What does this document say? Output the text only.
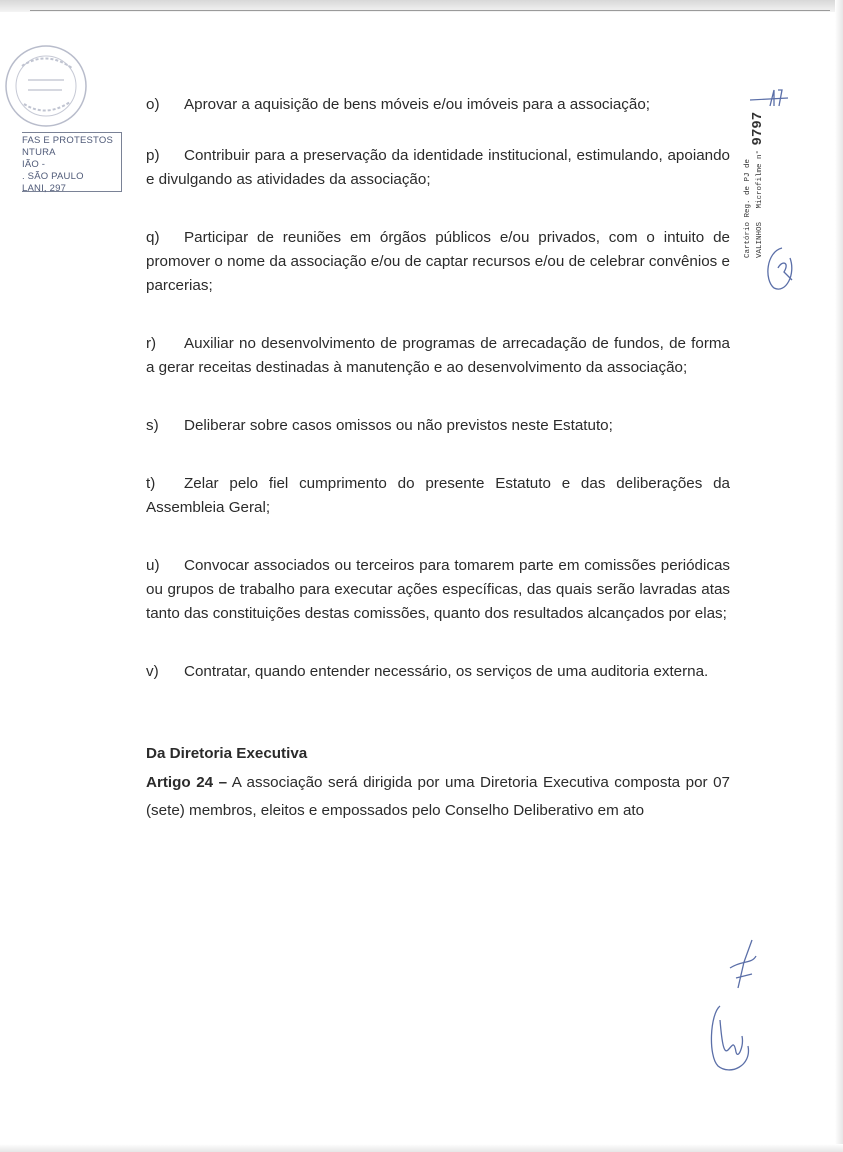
FAS E PROTESTOS
NTURA
IÃO -
. SÃO PAULO
LANI, 297	Cartório Reg. de PJ de VALINHOS   Microfilme n° 9797

o) Aprovar a aquisição de bens móveis e/ou imóveis para a associação;

p) Contribuir para a preservação da identidade institucional, estimulando, apoiando e divulgando as atividades da associação;

q) Participar de reuniões em órgãos públicos e/ou privados, com o intuito de promover o nome da associação e/ou de captar recursos e/ou de celebrar convênios e parcerias;

r) Auxiliar no desenvolvimento de programas de arrecadação de fundos, de forma a gerar receitas destinadas à manutenção e ao desenvolvimento da associação;

s) Deliberar sobre casos omissos ou não previstos neste Estatuto;

t) Zelar pelo fiel cumprimento do presente Estatuto e das deliberações da Assembleia Geral;

u) Convocar associados ou terceiros para tomarem parte em comissões periódicas ou grupos de trabalho para executar ações específicas, das quais serão lavradas atas tanto das constituições destas comissões, quanto dos resultados alcançados por elas;

v) Contratar, quando entender necessário, os serviços de uma auditoria externa.

Da Diretoria Executiva

Artigo 24 – A associação será dirigida por uma Diretoria Executiva composta por 07 (sete) membros, eleitos e empossados pelo Conselho Deliberativo em ato
